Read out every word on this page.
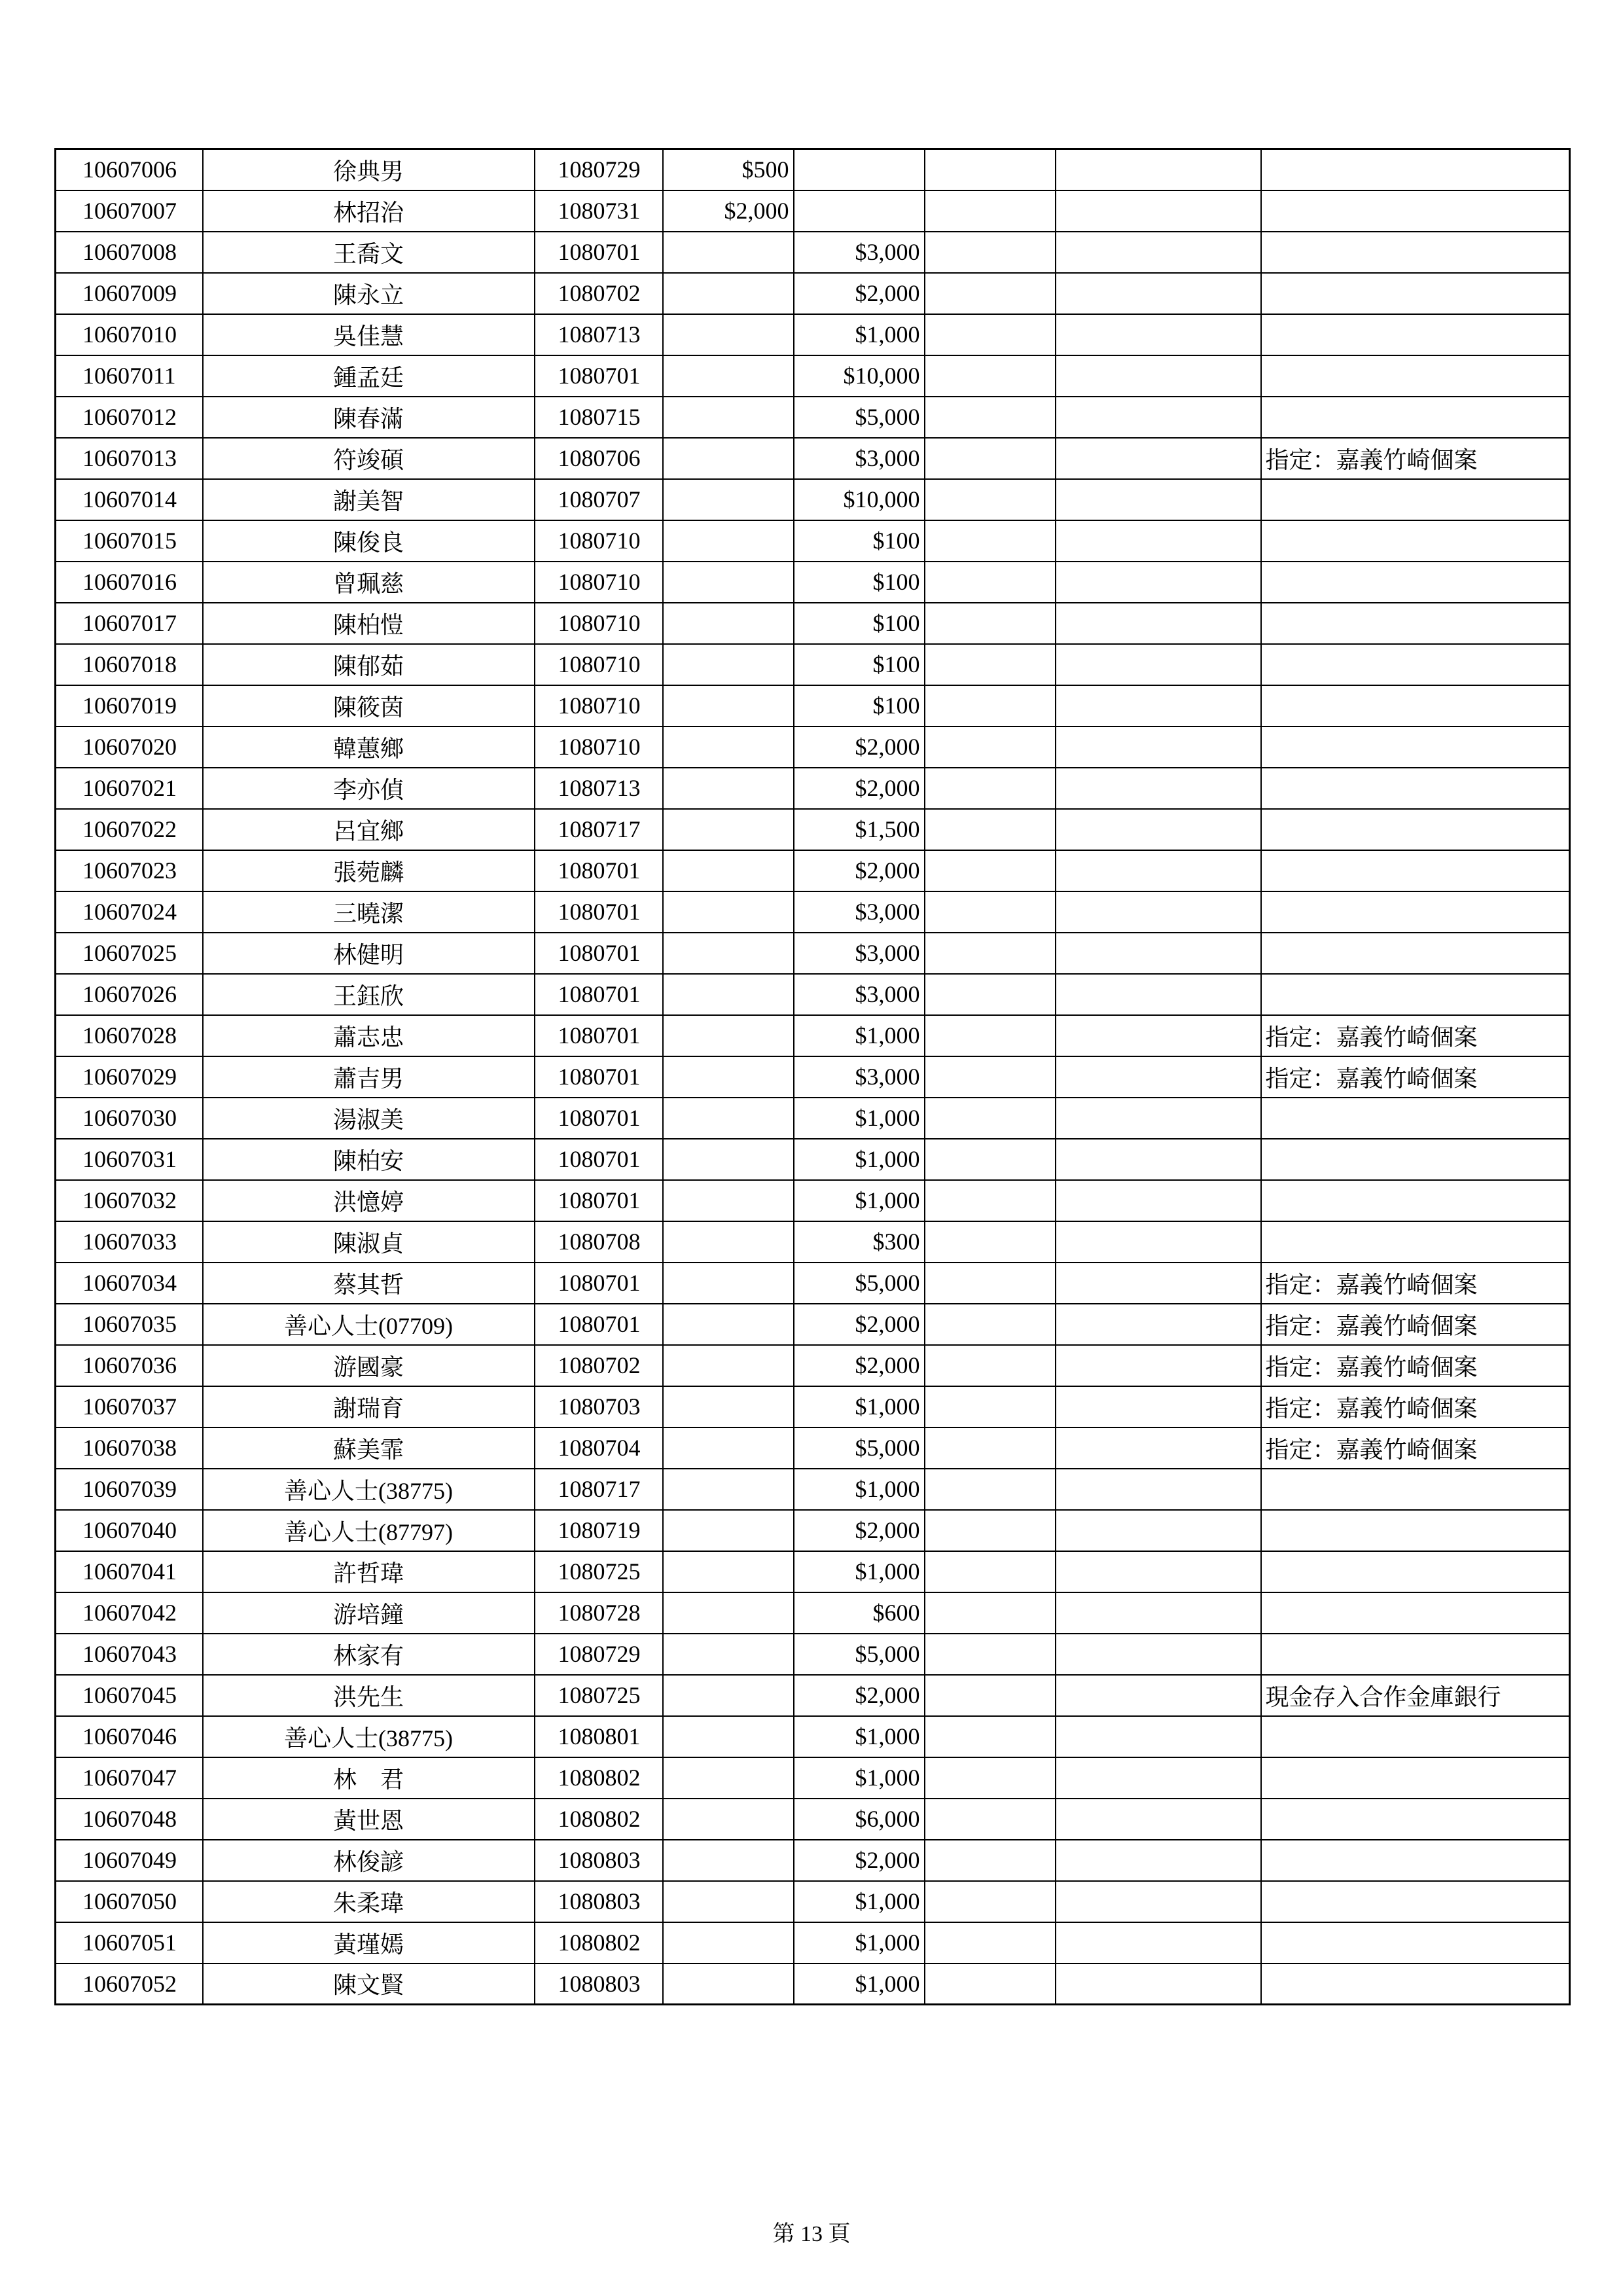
10607006	徐典男	1080729	$500				
10607007	林招治	1080731	$2,000				
10607008	王喬文	1080701		$3,000			
10607009	陳永立	1080702		$2,000			
10607010	吳佳慧	1080713		$1,000			
10607011	鍾孟廷	1080701		$10,000			
10607012	陳春滿	1080715		$5,000			
10607013	符竣碩	1080706		$3,000			指定：嘉義竹崎個案
10607014	謝美智	1080707		$10,000			
10607015	陳俊良	1080710		$100			
10607016	曾珮慈	1080710		$100			
10607017	陳柏愷	1080710		$100			
10607018	陳郁茹	1080710		$100			
10607019	陳筱茵	1080710		$100			
10607020	韓蕙鄉	1080710		$2,000			
10607021	李亦偵	1080713		$2,000			
10607022	呂宜鄉	1080717		$1,500			
10607023	張菀麟	1080701		$2,000			
10607024	三曉潔	1080701		$3,000			
10607025	林健明	1080701		$3,000			
10607026	王鈺欣	1080701		$3,000			
10607028	蕭志忠	1080701		$1,000			指定：嘉義竹崎個案
10607029	蕭吉男	1080701		$3,000			指定：嘉義竹崎個案
10607030	湯淑美	1080701		$1,000			
10607031	陳柏安	1080701		$1,000			
10607032	洪憶婷	1080701		$1,000			
10607033	陳淑貞	1080708		$300			
10607034	蔡其哲	1080701		$5,000			指定：嘉義竹崎個案
10607035	善心人士(07709)	1080701		$2,000			指定：嘉義竹崎個案
10607036	游國豪	1080702		$2,000			指定：嘉義竹崎個案
10607037	謝瑞育	1080703		$1,000			指定：嘉義竹崎個案
10607038	蘇美霏	1080704		$5,000			指定：嘉義竹崎個案
10607039	善心人士(38775)	1080717		$1,000			
10607040	善心人士(87797)	1080719		$2,000			
10607041	許哲瑋	1080725		$1,000			
10607042	游培鐘	1080728		$600			
10607043	林家有	1080729		$5,000			
10607045	洪先生	1080725		$2,000			現金存入合作金庫銀行
10607046	善心人士(38775)	1080801		$1,000			
10607047	林　君	1080802		$1,000			
10607048	黃世恩	1080802		$6,000			
10607049	林俊諺	1080803		$2,000			
10607050	朱柔瑋	1080803		$1,000			
10607051	黃瑾嫣	1080802		$1,000			
10607052	陳文賢	1080803		$1,000			
第 13 頁
